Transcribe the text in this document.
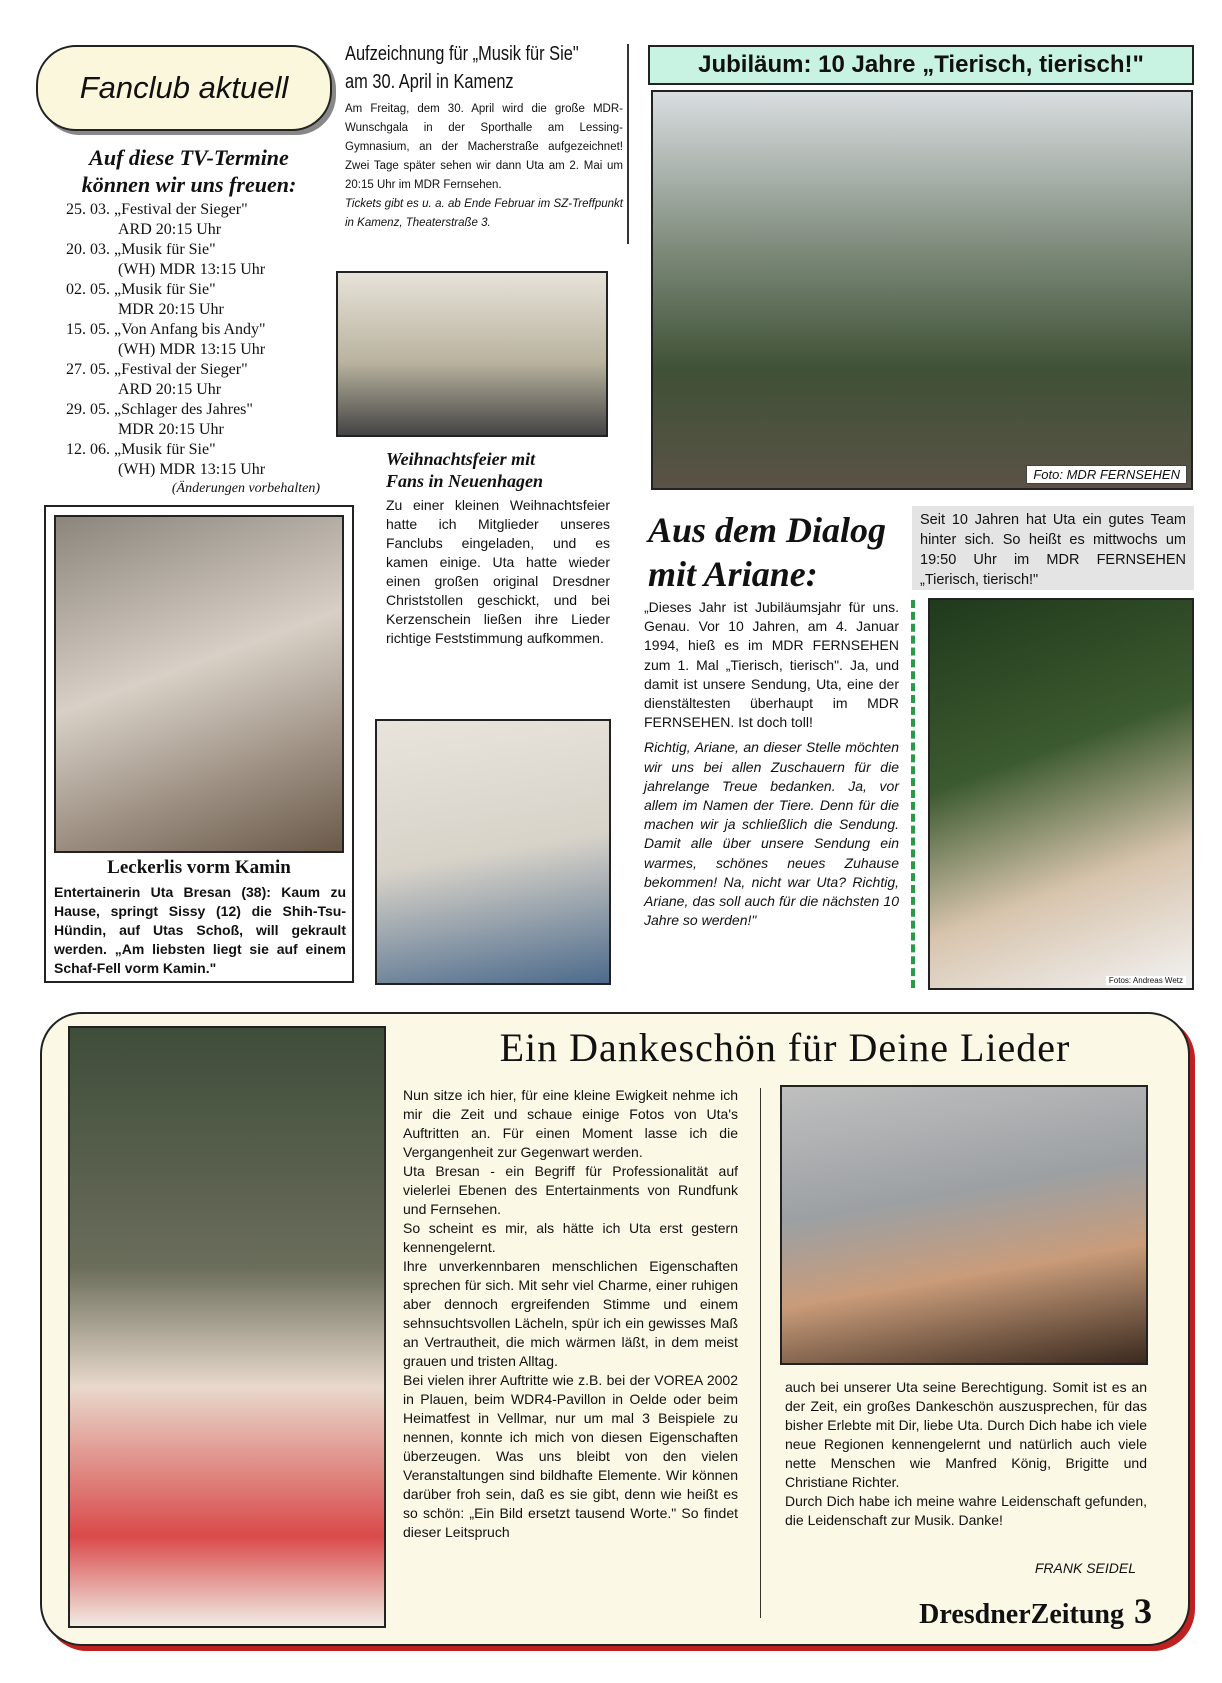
Fanclub aktuell
Auf diese TV-Termine
können wir uns freuen:
25. 03. „Festival der Sieger"
ARD 20:15 Uhr
20. 03. „Musik für Sie"
(WH) MDR 13:15 Uhr
02. 05. „Musik für Sie"
MDR 20:15 Uhr
15. 05. „Von Anfang bis Andy"
(WH) MDR 13:15 Uhr
27. 05. „Festival der Sieger"
ARD 20:15 Uhr
29. 05. „Schlager des Jahres"
MDR 20:15 Uhr
12. 06. „Musik für Sie"
(WH) MDR 13:15 Uhr
(Änderungen vorbehalten)
Leckerlis vorm Kamin
Entertainerin Uta Bresan (38): Kaum zu Hause, springt Sissy (12) die Shih-Tsu-Hündin, auf Utas Schoß, will gekrault werden. „Am liebsten liegt sie auf einem Schaf-Fell vorm Kamin."
Aufzeichnung für „Musik für Sie"
am 30. April in Kamenz
Am Freitag, dem 30. April wird die große MDR-Wunschgala in der Sporthalle am Lessing-Gymnasium, an der Macherstraße aufgezeichnet! Zwei Tage später sehen wir dann Uta am 2. Mai um 20:15 Uhr im MDR Fernsehen.
Tickets gibt es u. a. ab Ende Februar im SZ-Treffpunkt in Kamenz, Theaterstraße 3.
Weihnachtsfeier mit
Fans in Neuenhagen
Zu einer kleinen Weihnachtsfeier hatte ich Mitglieder unseres Fanclubs eingeladen, und es kamen einige. Uta hatte wieder einen großen original Dresdner Christstollen geschickt, und bei Kerzenschein ließen ihre Lieder richtige Feststimmung aufkommen.
Jubiläum: 10 Jahre „Tierisch, tierisch!"
Foto: MDR FERNSEHEN
Seit 10 Jahren hat Uta ein gutes Team hinter sich. So heißt es mittwochs um 19:50 Uhr im MDR FERNSEHEN „Tierisch, tierisch!"
Aus dem Dialog
mit Ariane:

„Dieses Jahr ist Jubiläumsjahr für uns. Genau. Vor 10 Jahren, am 4. Januar 1994, hieß es im MDR FERNSEHEN zum 1. Mal „Tierisch, tierisch". Ja, und damit ist unsere Sendung, Uta, eine der dienstältesten überhaupt im MDR FERNSEHEN. Ist doch toll!

Richtig, Ariane, an dieser Stelle möchten wir uns bei allen Zuschauern für die jahrelange Treue bedanken. Ja, vor allem im Namen der Tiere. Denn für die machen wir ja schließlich die Sendung. Damit alle über unsere Sendung ein warmes, schönes neues Zuhause bekommen! Na, nicht war Uta? Richtig, Ariane, das soll auch für die nächsten 10 Jahre so werden!"

Fotos: Andreas Wetz
Ein Dankeschön für Deine Lieder

Nun sitze ich hier, für eine kleine Ewigkeit nehme ich mir die Zeit und schaue einige Fotos von Uta's Auftritten an. Für einen Moment lasse ich die Vergangenheit zur Gegenwart werden.

Uta Bresan - ein Begriff für Professionalität auf vielerlei Ebenen des Entertainments von Rundfunk und Fernsehen.

So scheint es mir, als hätte ich Uta erst gestern kennengelernt.

Ihre unverkennbaren menschlichen Eigenschaften sprechen für sich. Mit sehr viel Charme, einer ruhigen aber dennoch ergreifenden Stimme und einem sehnsuchtsvollen Lächeln, spür ich ein gewisses Maß an Vertrautheit, die mich wärmen läßt, in dem meist grauen und tristen Alltag.

Bei vielen ihrer Auftritte wie z.B. bei der VOREA 2002 in Plauen, beim WDR4-Pavillon in Oelde oder beim Heimatfest in Vellmar, nur um mal 3 Beispiele zu nennen, konnte ich mich von diesen Eigenschaften überzeugen. Was uns bleibt von den vielen Veranstaltungen sind bildhafte Elemente. Wir können darüber froh sein, daß es sie gibt, denn wie heißt es so schön: „Ein Bild ersetzt tausend Worte." So findet dieser Leitspruch

auch bei unserer Uta seine Berechtigung. Somit ist es an der Zeit, ein großes Dankeschön auszusprechen, für das bisher Erlebte mit Dir, liebe Uta. Durch Dich habe ich viele neue Regionen kennengelernt und natürlich auch viele nette Menschen wie Manfred König, Brigitte und Christiane Richter.

Durch Dich habe ich meine wahre Leidenschaft gefunden, die Leidenschaft zur Musik. Danke!

FRANK SEIDEL
DresdnerZeitung 3
